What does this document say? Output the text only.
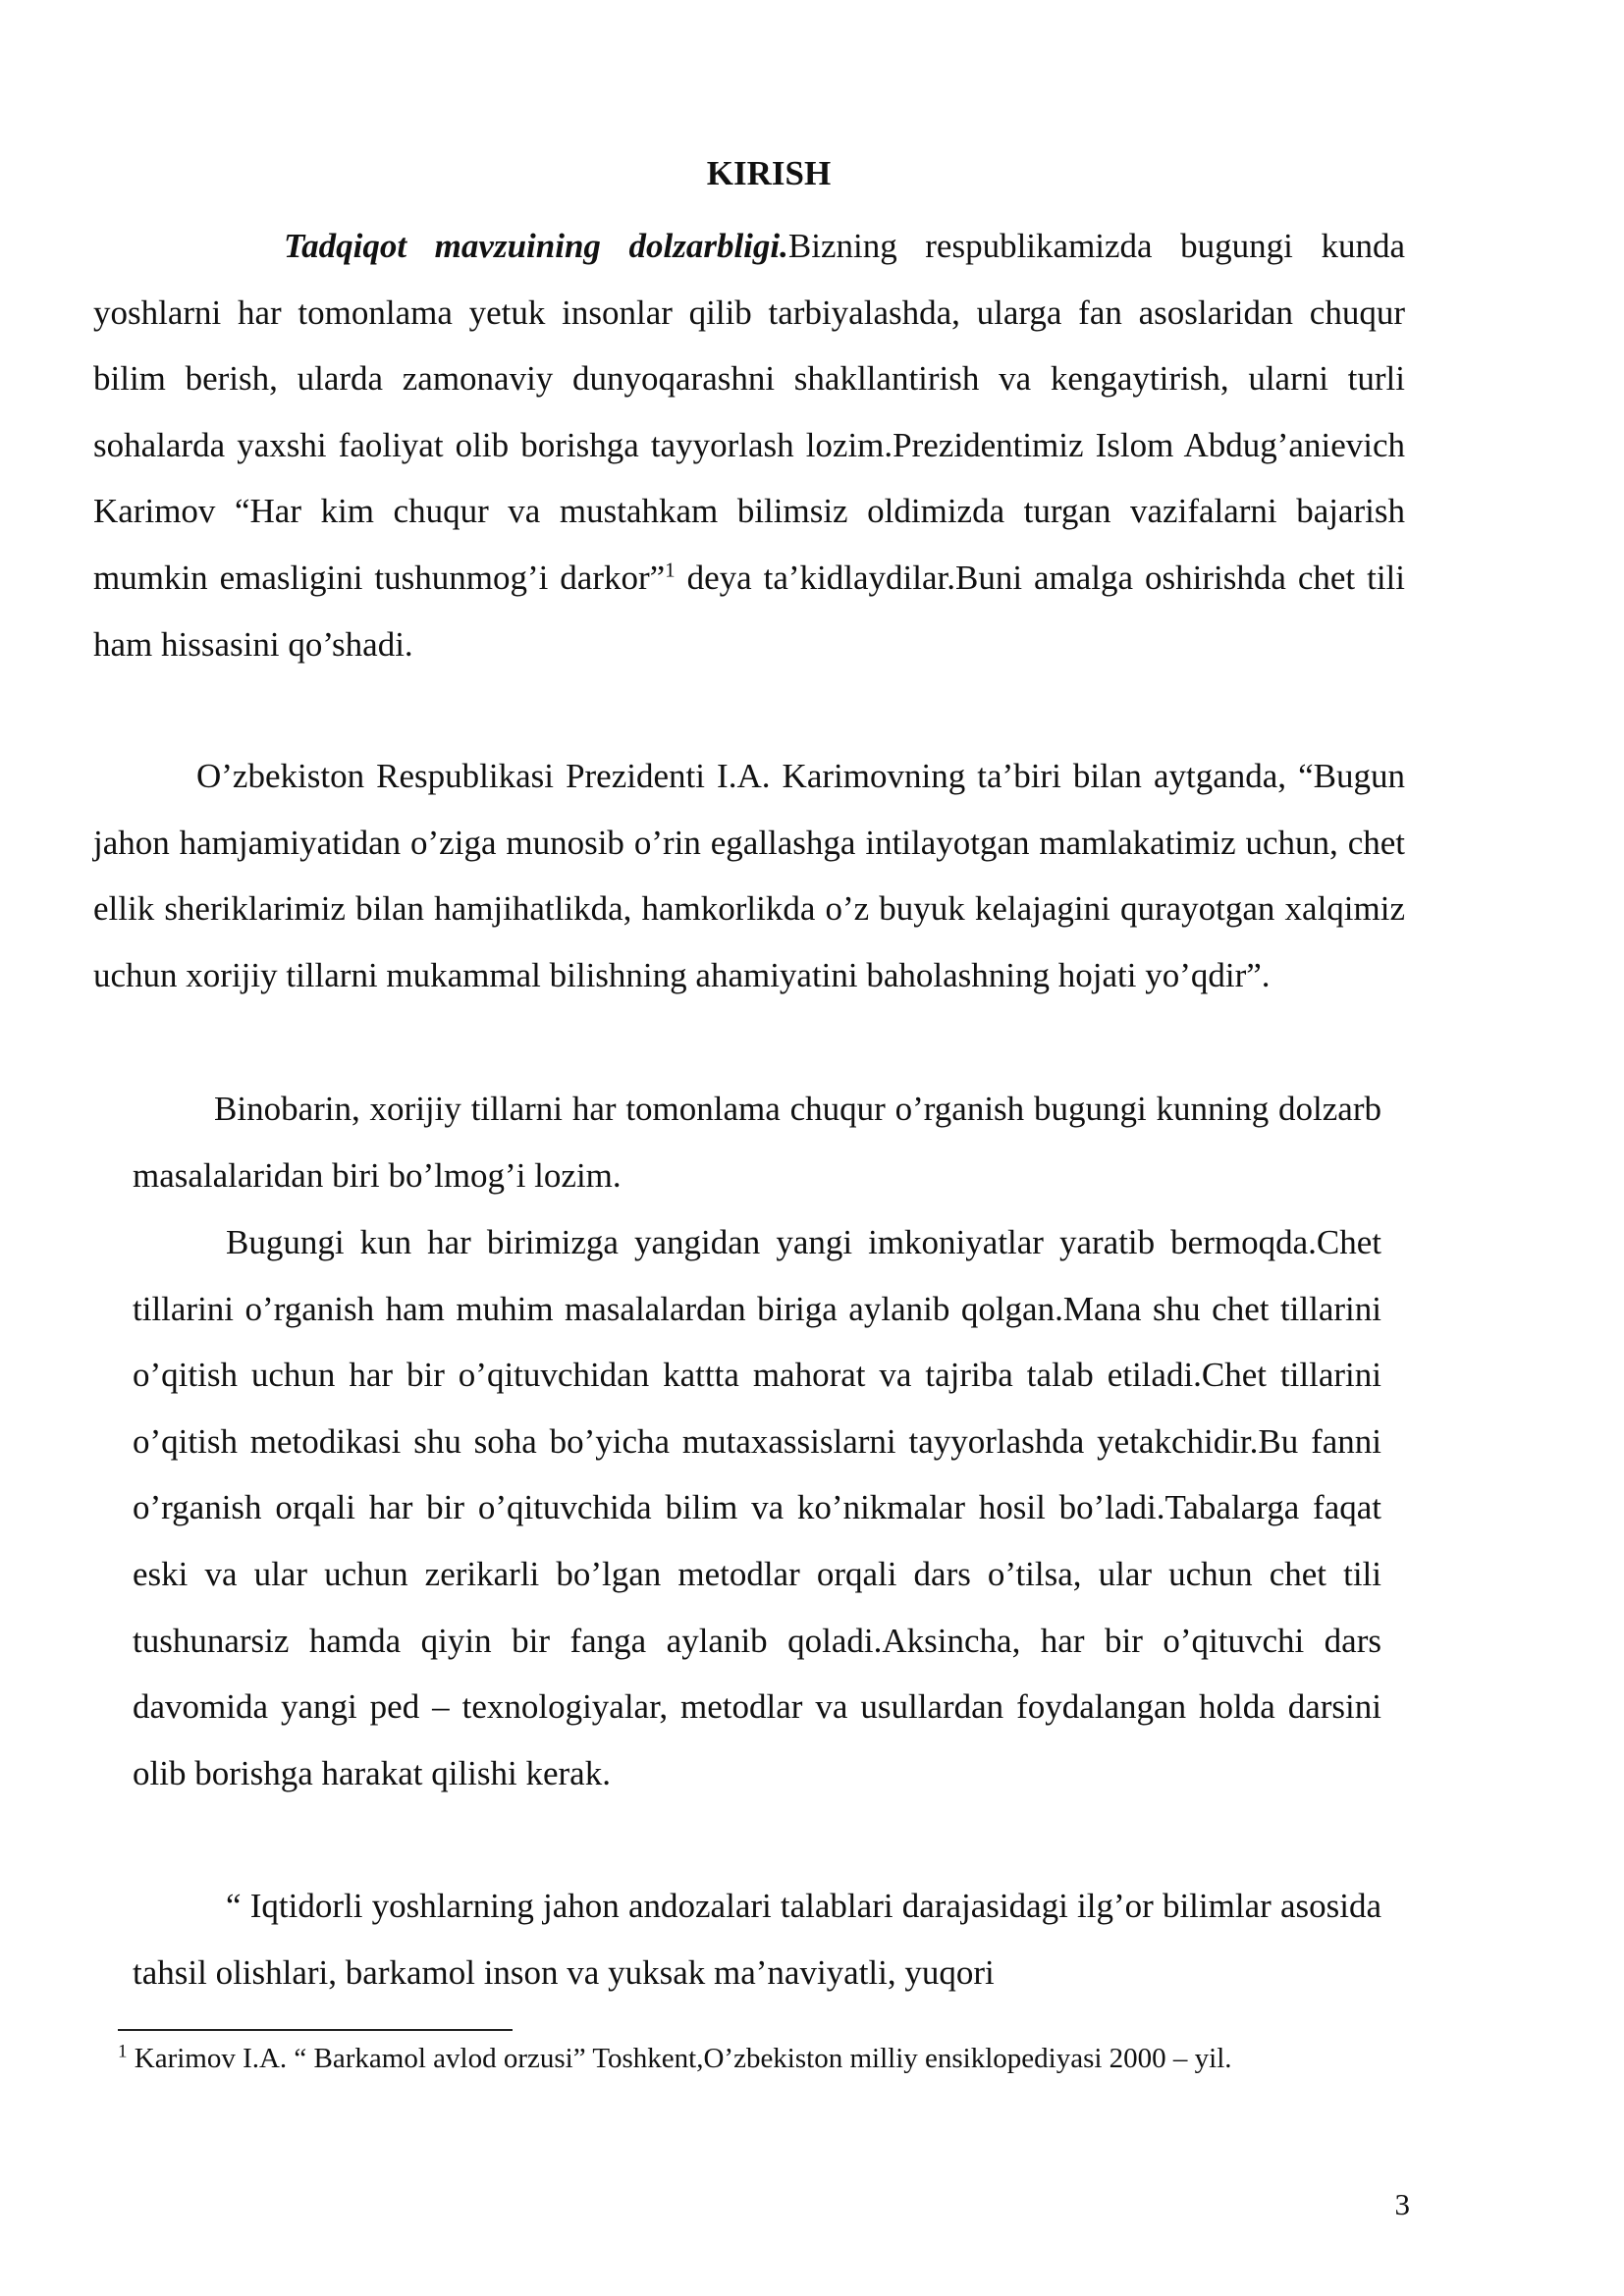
KIRISH

Tadqiqot mavzuining dolzarbligi.Bizning respublikamizda bugungi kunda yoshlarni har tomonlama yetuk insonlar qilib tarbiyalashda, ularga fan asoslaridan chuqur bilim berish, ularda zamonaviy dunyoqarashni shakllantirish va kengaytirish, ularni turli sohalarda yaxshi faoliyat olib borishga tayyorlash lozim.Prezidentimiz Islom Abdug’anievich Karimov “Har kim chuqur va mustahkam bilimsiz oldimizda turgan vazifalarni bajarish mumkin emasligini tushunmog’i darkor”$^1$ deya ta’kidlaydilar.Buni amalga oshirishda chet tili ham hissasini qo’shadi.

O’zbekiston Respublikasi Prezidenti I.A. Karimovning ta’biri bilan aytganda, “Bugun jahon hamjamiyatidan o’ziga munosib o’rin egallashga intilayotgan mamlakatimiz uchun, chet ellik sheriklarimiz bilan hamjihatlikda, hamkorlikda o’z buyuk kelajagini qurayotgan xalqimiz uchun xorijiy tillarni mukammal bilishning ahamiyatini baholashning hojati yo’qdir”.

Binobarin, xorijiy tillarni har tomonlama chuqur o’rganish bugungi kunning dolzarb masalalaridan biri bo’lmog’i lozim.

Bugungi kun har birimizga yangidan yangi imkoniyatlar yaratib bermoqda.Chet tillarini o’rganish ham muhim masalalardan biriga aylanib qolgan.Mana shu chet tillarini o’qitish uchun har bir o’qituvchidan kattta mahorat va tajriba talab etiladi.Chet tillarini o’qitish metodikasi shu soha bo’yicha mutaxassislarni tayyorlashda yetakchidir.Bu fanni o’rganish orqali har bir o’qituvchida bilim va ko’nikmalar hosil bo’ladi.Tabalarga faqat eski va ular uchun zerikarli bo’lgan metodlar orqali dars o’tilsa, ular uchun chet tili tushunarsiz hamda qiyin bir fanga aylanib qoladi.Aksincha, har bir o’qituvchi dars davomida yangi ped – texnologiyalar, metodlar va usullardan foydalangan holda darsini olib borishga harakat qilishi kerak.

“ Iqtidorli yoshlarning jahon andozalari talablari darajasidagi ilg’or bilimlar asosida tahsil olishlari, barkamol inson va yuksak ma’naviyatli, yuqori

$^1$ Karimov I.A. “ Barkamol avlod orzusi” Toshkent,O’zbekiston milliy ensiklopediyasi 2000 – yil.

3
